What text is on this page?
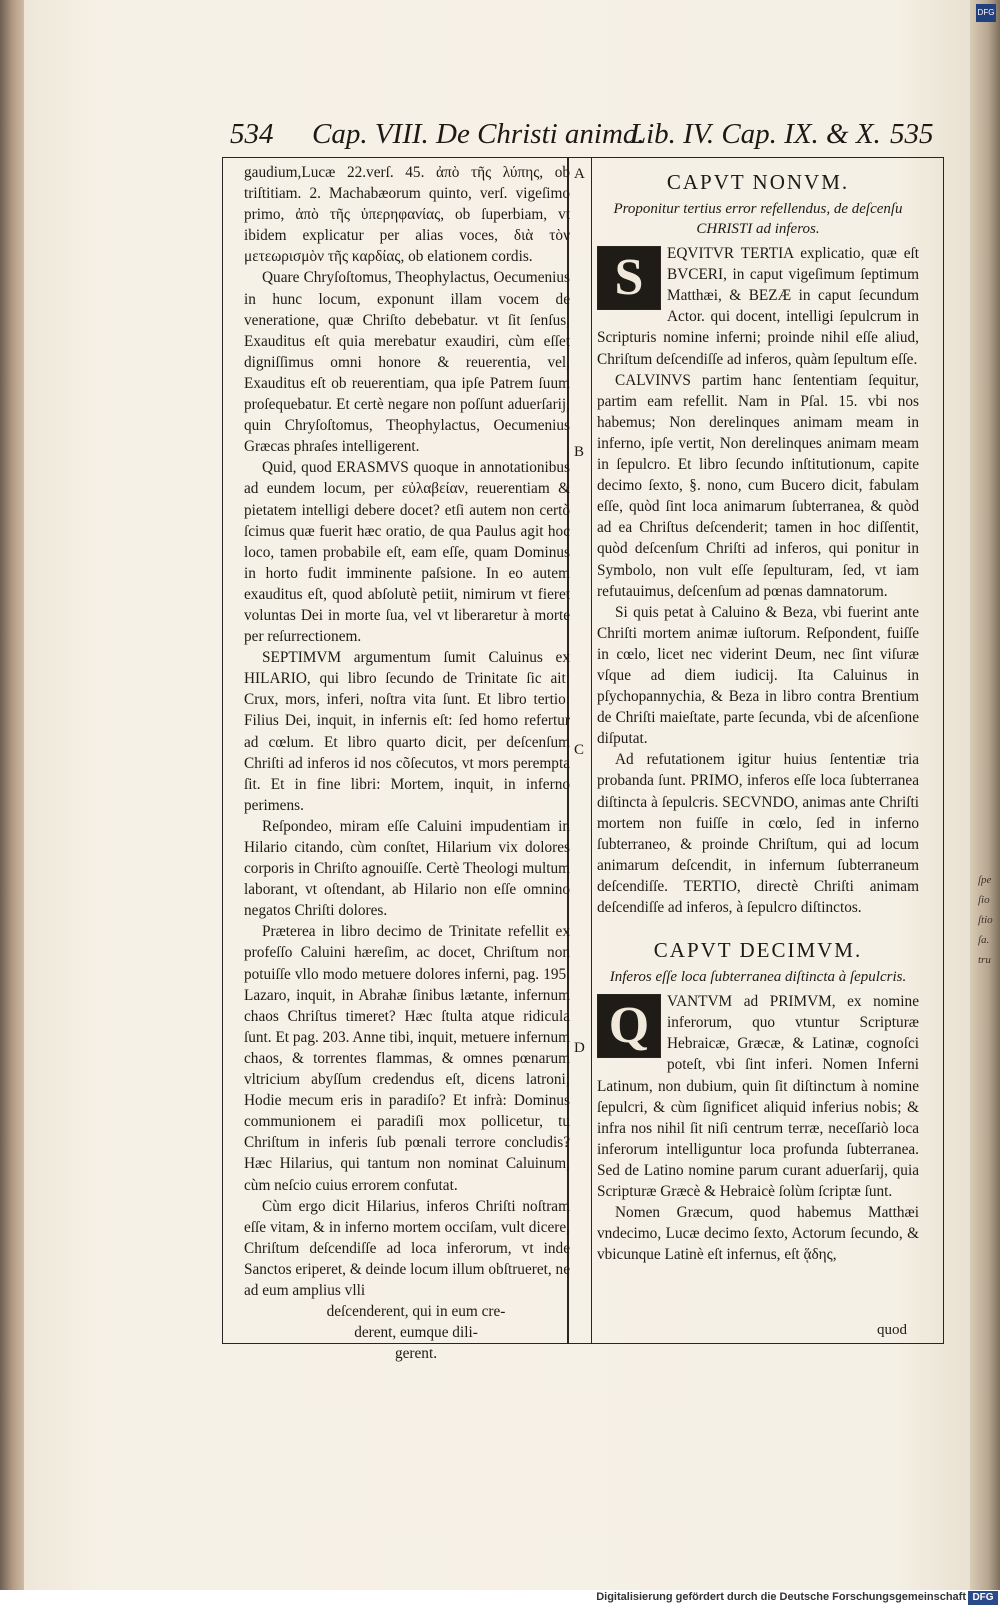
ſpe
ſio
ſtio
ſa.
tru
534 Cap. VIII. De Christi anima.
Lib. IV. Cap. IX. & X. 535
A
B
C
D

gaudium,Lucæ 22.verſ. 45. ἀπὸ τῆς λύπης, ob triſtitiam. 2. Machabæorum quinto, verſ. vigeſimo primo, ἀπὸ τῆς ὑπερηφανίας, ob ſuperbiam, vt ibidem explicatur per alias voces, διὰ τὸν μετεωρισμὸν τῆς καρδίας, ob elationem cordis.

Quare Chryſoſtomus, Theophylactus, Oecumenius in hunc locum, exponunt illam vocem de veneratione, quæ Chriſto debebatur. vt ſit ſenſus, Exauditus eſt quia merebatur exaudiri, cùm eſſet digniſſimus omni honore & reuerentia, vel, Exauditus eſt ob reuerentiam, qua ipſe Patrem ſuum proſequebatur. Et certè negare non poſſunt aduerſarij, quin Chryſoſtomus, Theophylactus, Oecumenius Græcas phraſes intelligerent.

Quid, quod ERASMVS quoque in annotationibus ad eundem locum, per εὐλαβείαν, reuerentiam & pietatem intelligi debere docet? etſi autem non certò ſcimus quæ fuerit hæc oratio, de qua Paulus agit hoc loco, tamen probabile eſt, eam eſſe, quam Dominus in horto fudit imminente paſsione. In eo autem exauditus eſt, quod abſolutè petiit, nimirum vt fieret voluntas Dei in morte ſua, vel vt liberaretur à morte per reſurrectionem.

SEPTIMVM argumentum ſumit Caluinus ex HILARIO, qui libro ſecundo de Trinitate ſic ait: Crux, mors, inferi, noſtra vita ſunt. Et libro tertio: Filius Dei, inquit, in infernis eſt: ſed homo refertur ad cœlum. Et libro quarto dicit, per deſcenſum Chriſti ad inferos id nos cõſecutos, vt mors perempta ſit. Et in fine libri: Mortem, inquit, in inferno perimens.

Reſpondeo, miram eſſe Caluini impudentiam in Hilario citando, cùm conſtet, Hilarium vix dolores corporis in Chriſto agnouiſſe. Certè Theologi multum laborant, vt oſtendant, ab Hilario non eſſe omnino negatos Chriſti dolores.

Præterea in libro decimo de Trinitate refellit ex profeſſo Caluini hæreſim, ac docet, Chriſtum non potuiſſe vllo modo metuere dolores inferni, pag. 195. Lazaro, inquit, in Abrahæ ſinibus lætante, infernum chaos Chriſtus timeret? Hæc ſtulta atque ridicula ſunt. Et pag. 203. Anne tibi, inquit, metuere infernum chaos, & torrentes flammas, & omnes pœnarum vltricium abyſſum credendus eſt, dicens latroni; Hodie mecum eris in paradiſo? Et infrà: Dominus communionem ei paradiſi mox pollicetur, tu Chriſtum in inferis ſub pœnali terrore concludis? Hæc Hilarius, qui tantum non nominat Caluinum, cùm neſcio cuius errorem confutat.

Cùm ergo dicit Hilarius, inferos Chriſti noſtram eſſe vitam, & in inferno mortem occiſam, vult dicere, Chriſtum deſcendiſſe ad loca inferorum, vt inde Sanctos eriperet, & deinde locum illum obſtrueret, ne ad eum amplius vlli

deſcenderent, qui in eum cre-

derent, eumque dili-

gerent.

CAPVT NONVM.
Proponitur tertius error refellendus, de deſcenſu CHRISTI ad inferos.
S	EQVITVR TERTIA explicatio, quæ eſt BVCERI, in caput vigeſimum ſeptimum Matthæi, & BEZÆ in caput ſecundum Actor. qui docent, intelligi ſepulcrum in Scripturis nomine inferni; proinde nihil eſſe aliud, Chriſtum deſcendiſſe ad inferos, quàm ſepultum eſſe.

CALVINVS partim hanc ſententiam ſequitur, partim eam refellit. Nam in Pſal. 15. vbi nos habemus; Non derelinques animam meam in inferno, ipſe vertit, Non derelinques animam meam in ſepulcro. Et libro ſecundo inſtitutionum, capite decimo ſexto, §. nono, cum Bucero dicit, fabulam eſſe, quòd ſint loca animarum ſubterranea, & quòd ad ea Chriſtus deſcenderit; tamen in hoc diſſentit, quòd deſcenſum Chriſti ad inferos, qui ponitur in Symbolo, non vult eſſe ſepulturam, ſed, vt iam refutauimus, deſcenſum ad pœnas damnatorum.

Si quis petat à Caluino & Beza, vbi fuerint ante Chriſti mortem animæ iuſtorum. Reſpondent, fuiſſe in cœlo, licet nec viderint Deum, nec ſint viſuræ vſque ad diem iudicij. Ita Caluinus in pſychopannychia, & Beza in libro contra Brentium de Chriſti maieſtate, parte ſecunda, vbi de aſcenſione diſputat.

Ad refutationem igitur huius ſententiæ tria probanda ſunt. PRIMO, inferos eſſe loca ſubterranea diſtincta à ſepulcris. SECVNDO, animas ante Chriſti mortem non fuiſſe in cœlo, ſed in inferno ſubterraneo, & proinde Chriſtum, qui ad locum animarum deſcendit, in infernum ſubterraneum deſcendiſſe. TERTIO, directè Chriſti animam deſcendiſſe ad inferos, à ſepulcro diſtinctos.

CAPVT DECIMVM.
Inferos eſſe loca ſubterranea diſtincta à ſepulcris.
Q	VANTVM ad PRIMVM, ex nomine inferorum, quo vtuntur Scripturæ Hebraicæ, Græcæ, & Latinæ, cognoſci poteſt, vbi ſint inferi. Nomen Inferni Latinum, non dubium, quin ſit diſtinctum à nomine ſepulcri, & cùm ſignificet aliquid inferius nobis; & infra nos nihil ſit niſi centrum terræ, neceſſariò loca inferorum intelliguntur loca profunda ſubterranea. Sed de Latino nomine parum curant aduerſarij, quia Scripturæ Græcè & Hebraicè ſolùm ſcriptæ ſunt.

Nomen Græcum, quod habemus Matthæi vndecimo, Lucæ decimo ſexto, Actorum ſecundo, & vbicunque Latinè eſt infernus, eſt ᾅδης,

quod
DFG
Digitalisierung gefördert durch die Deutsche Forschungsgemeinschaft DFG
